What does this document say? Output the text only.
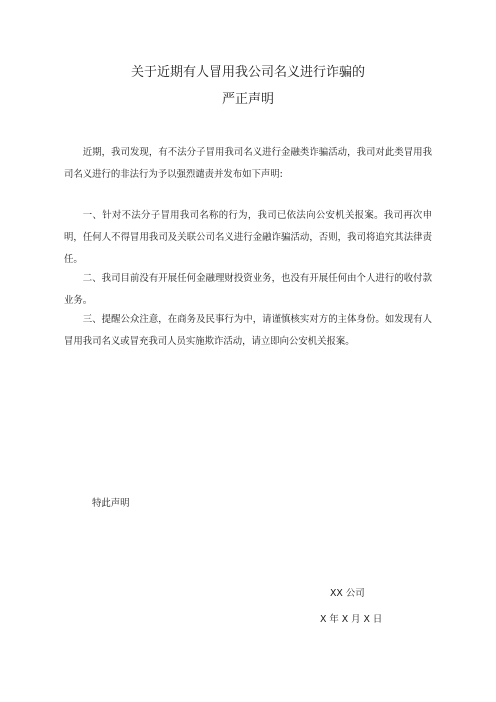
关于近期有人冒用我公司名义进行诈骗的
严正声明

近期，我司发现，有不法分子冒用我司名义进行金融类诈骗活动，我司对此类冒用我司名义进行的非法行为予以强烈谴责并发布如下声明:

一、针对不法分子冒用我司名称的行为，我司已依法向公安机关报案。我司再次申明，任何人不得冒用我司及关联公司名义进行金融诈骗活动，否则，我司将追究其法律责任。

二、我司目前没有开展任何金融理财投资业务，也没有开展任何由个人进行的收付款业务。

三、提醒公众注意，在商务及民事行为中，请谨慎核实对方的主体身份。如发现有人冒用我司名义或冒充我司人员实施欺诈活动，请立即向公安机关报案。

特此声明

XX 公司

X 年 X 月 X 日
